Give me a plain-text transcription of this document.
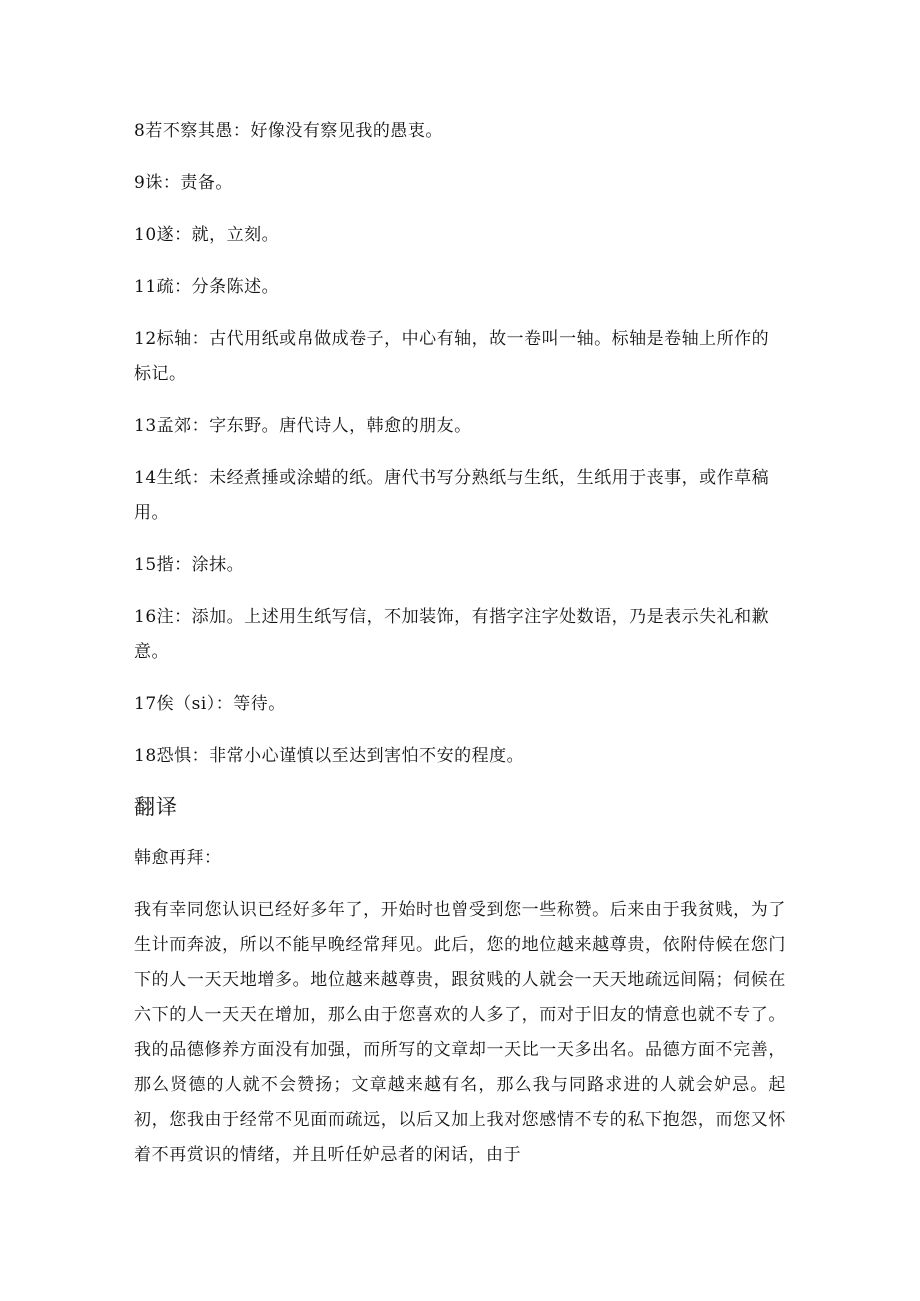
8若不察其愚：好像没有察见我的愚衷。

9诛：责备。

10遂：就，立刻。

11疏：分条陈述。

12标轴：古代用纸或帛做成卷子，中心有轴，故一卷叫一轴。标轴是卷轴上所作的标记。

13孟郊：字东野。唐代诗人，韩愈的朋友。

14生纸：未经煮捶或涂蜡的纸。唐代书写分熟纸与生纸，生纸用于丧事，或作草稿用。

15揩：涂抹。

16注：添加。上述用生纸写信，不加装饰，有揩字注字处数语，乃是表示失礼和歉意。

17俟（si）：等待。

18恐惧：非常小心谨慎以至达到害怕不安的程度。

翻译

韩愈再拜：

我有幸同您认识已经好多年了，开始时也曾受到您一些称赞。后来由于我贫贱，为了生计而奔波，所以不能早晚经常拜见。此后，您的地位越来越尊贵，依附侍候在您门下的人一天天地增多。地位越来越尊贵，跟贫贱的人就会一天天地疏远间隔；伺候在六下的人一天天在增加，那么由于您喜欢的人多了，而对于旧友的情意也就不专了。我的品德修养方面没有加强，而所写的文章却一天比一天多出名。品德方面不完善，那么贤德的人就不会赞扬；文章越来越有名，那么我与同路求进的人就会妒忌。起初，您我由于经常不见面而疏远，以后又加上我对您感情不专的私下抱怨，而您又怀着不再赏识的情绪，并且听任妒忌者的闲话，由于
